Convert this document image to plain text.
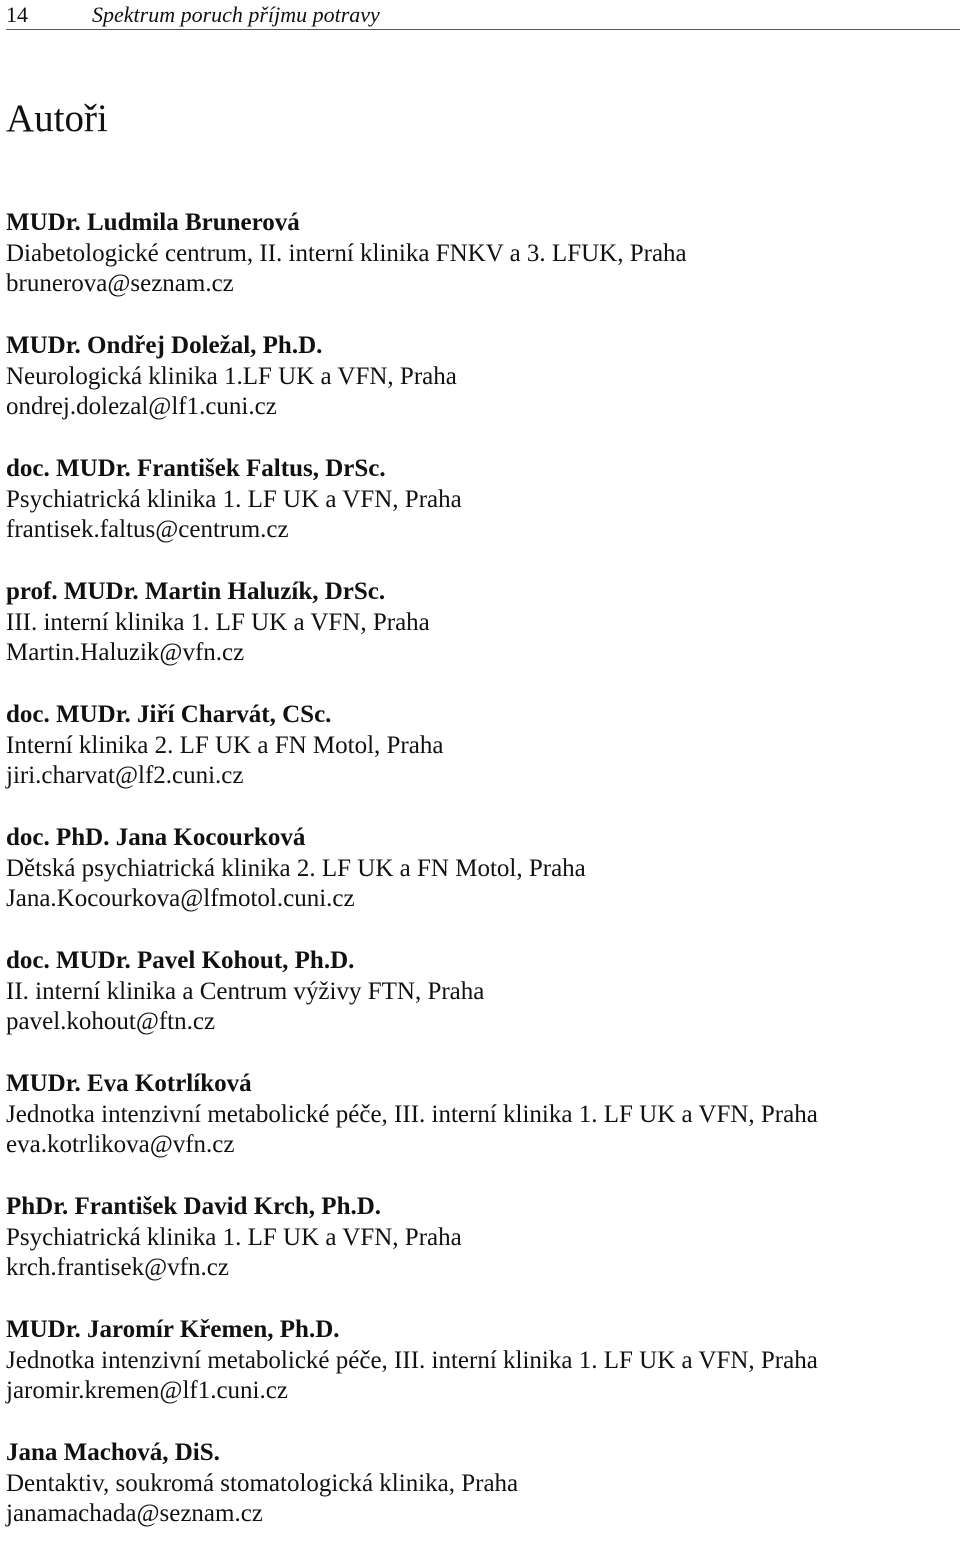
14	Spektrum poruch příjmu potravy
Autoři
MUDr. Ludmila Brunerová
Diabetologické centrum, II. interní klinika FNKV a 3. LFUK, Praha
brunerova@seznam.cz
MUDr. Ondřej Doležal, Ph.D.
Neurologická klinika 1.LF UK a VFN, Praha
ondrej.dolezal@lf1.cuni.cz
doc. MUDr. František Faltus, DrSc.
Psychiatrická klinika 1. LF UK a VFN, Praha
frantisek.faltus@centrum.cz
prof. MUDr. Martin Haluzík, DrSc.
III. interní klinika 1. LF UK a VFN, Praha
Martin.Haluzik@vfn.cz
doc. MUDr. Jiří Charvát, CSc.
Interní klinika 2. LF UK a FN Motol, Praha
jiri.charvat@lf2.cuni.cz
doc. PhD. Jana Kocourková
Dětská psychiatrická klinika 2. LF UK a FN Motol, Praha
Jana.Kocourkova@lfmotol.cuni.cz
doc. MUDr. Pavel Kohout, Ph.D.
II. interní klinika a Centrum výživy FTN, Praha
pavel.kohout@ftn.cz
MUDr. Eva Kotrlíková
Jednotka intenzivní metabolické péče, III. interní klinika 1. LF UK a VFN, Praha
eva.kotrlikova@vfn.cz
PhDr. František David Krch, Ph.D.
Psychiatrická klinika 1. LF UK a VFN, Praha
krch.frantisek@vfn.cz
MUDr. Jaromír Křemen, Ph.D.
Jednotka intenzivní metabolické péče, III. interní klinika 1. LF UK a VFN, Praha
jaromir.kremen@lf1.cuni.cz
Jana Machová, DiS.
Dentaktiv, soukromá stomatologická klinika, Praha
janamachada@seznam.cz
